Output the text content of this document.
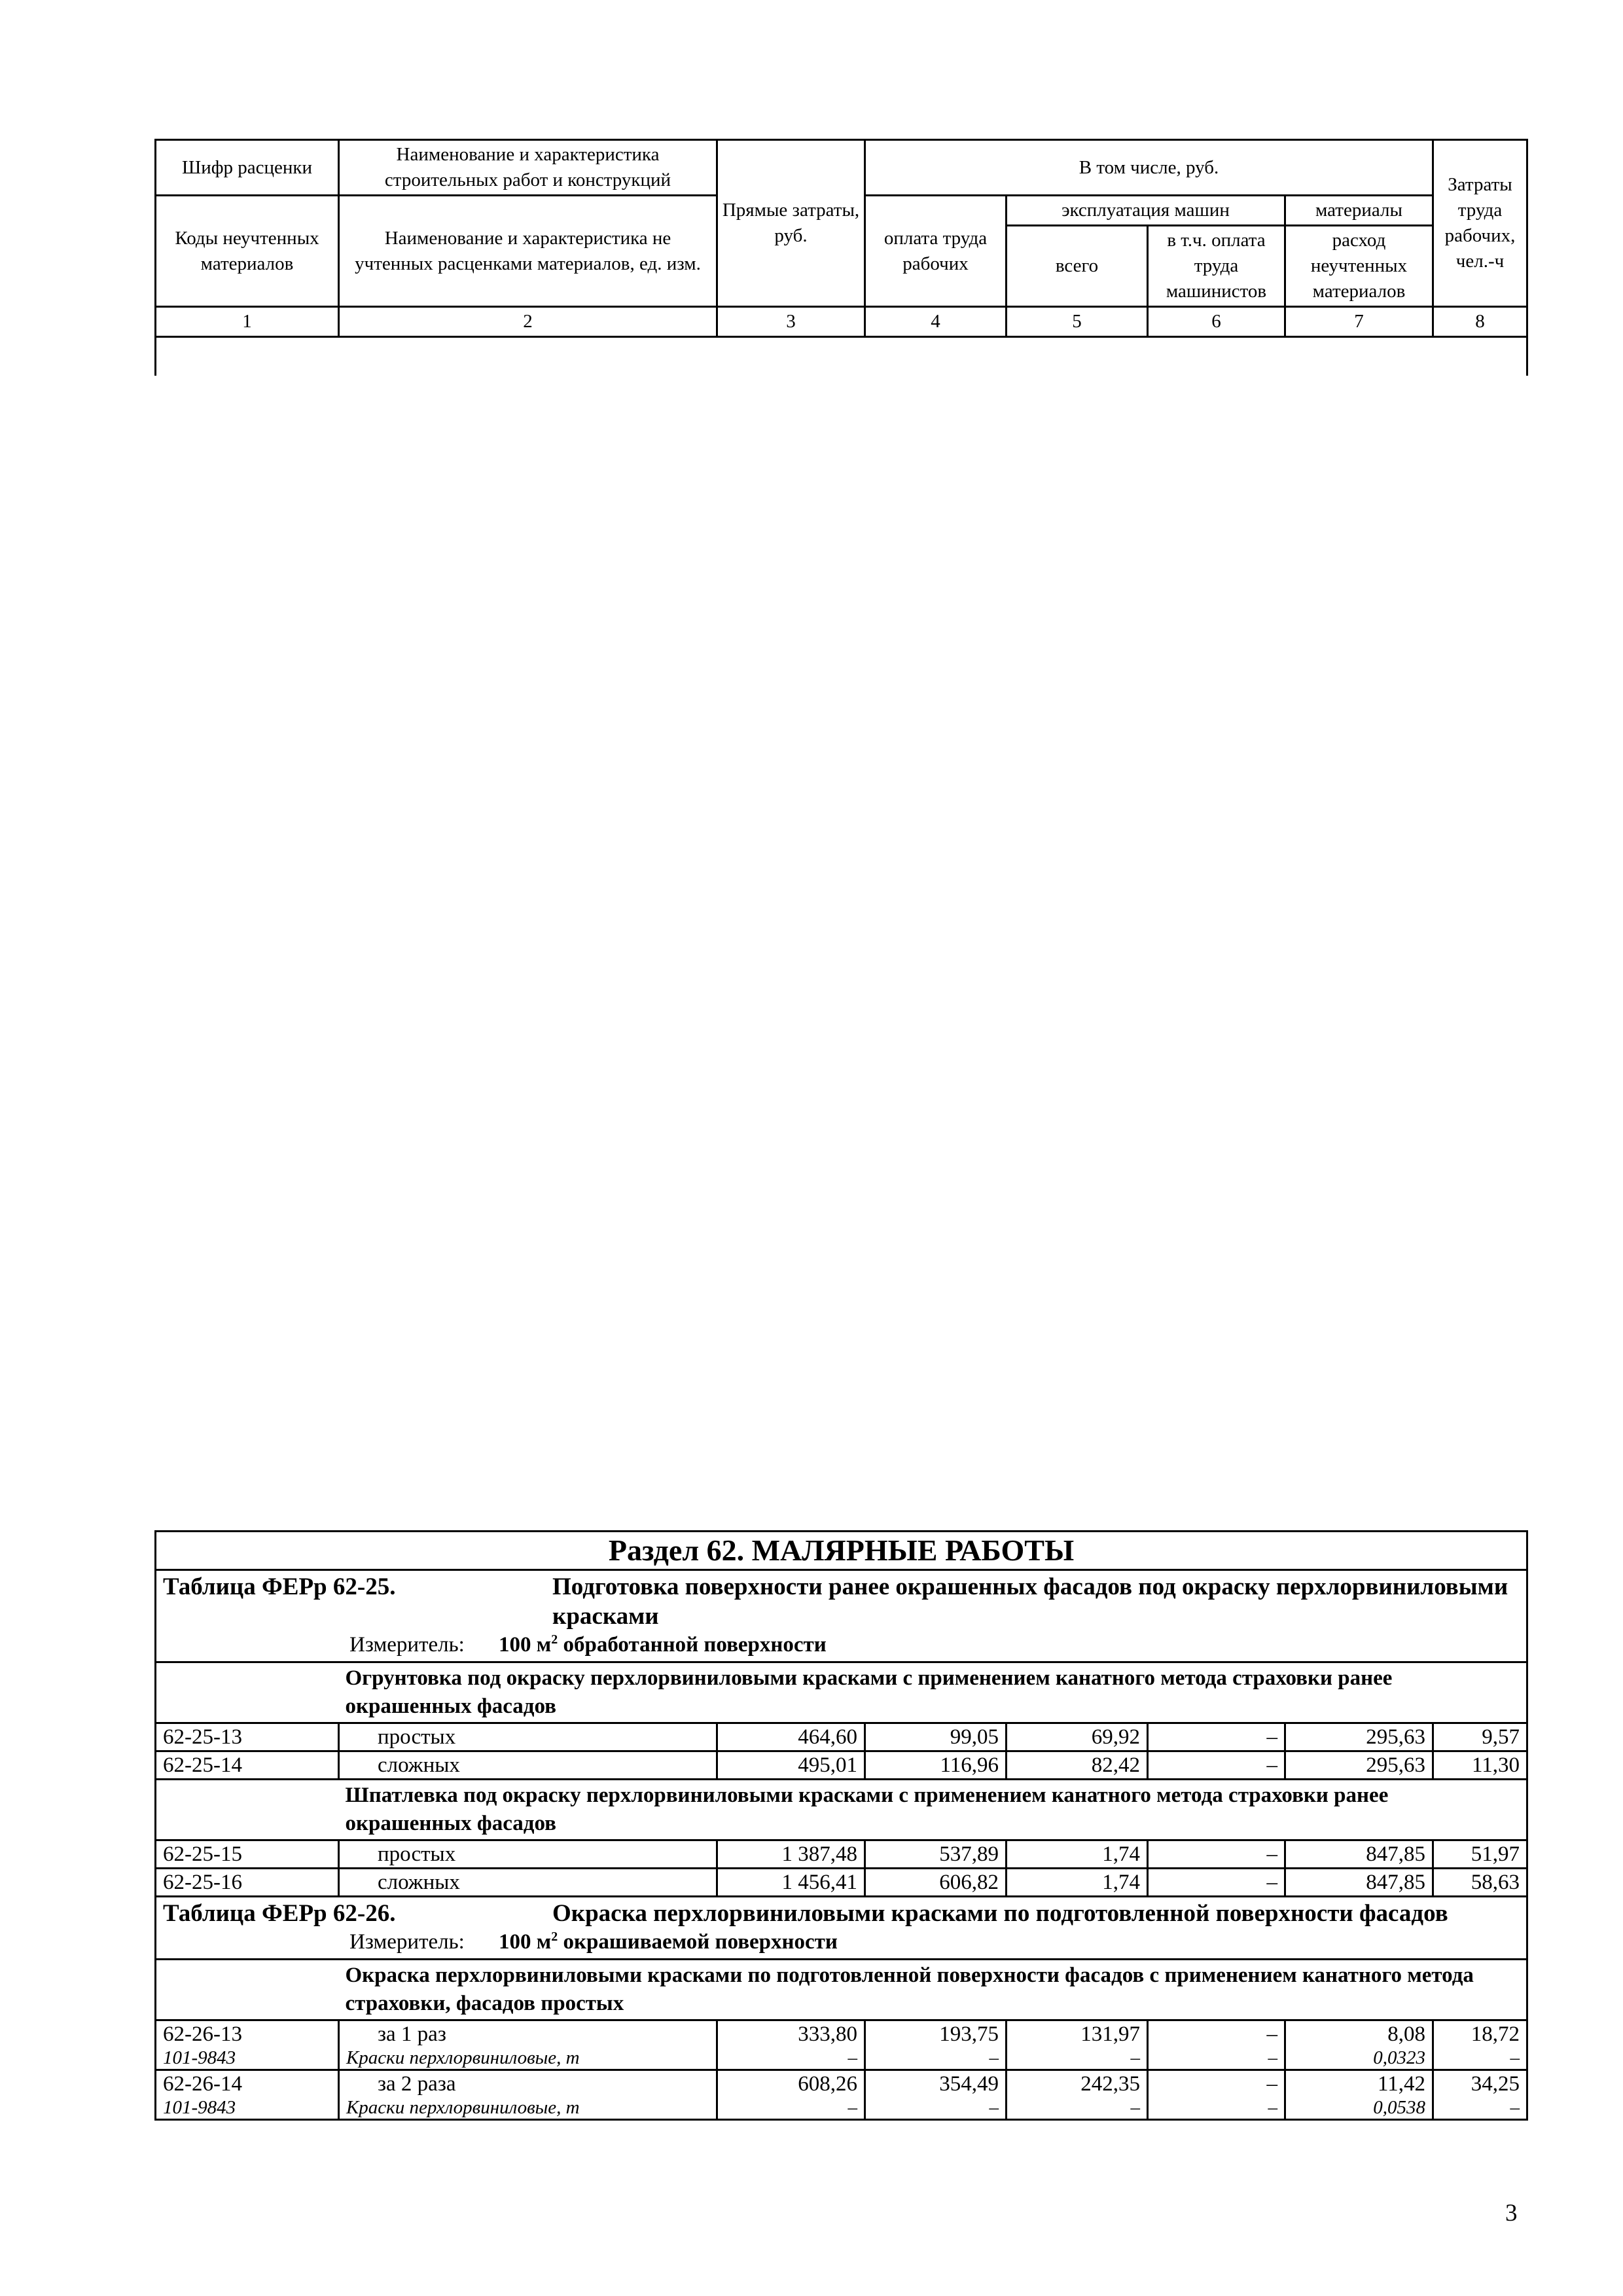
Шифр расценки	Наименование и характеристика строительных работ и конструкций	Прямые затраты, руб.	В том числе, руб.				Затраты труда рабочих, чел.-ч
Коды неучтенных материалов	Наименование и характеристика не учтенных расценками материалов, ед. изм.		оплата труда рабочих	эксплуатация машин		материалы	
				всего	в т.ч. оплата труда машинистов	расход неучтенных материалов	
1	2	3	4	5	6	7	8

Раздел 62. МАЛЯРНЫЕ РАБОТЫ							

Таблица ФЕРр 62-25. Подготовка поверхности ранее окрашенных фасадов под окраску перхлорвиниловыми красками
Измеритель: 100 $м^2$ обработанной поверхности							

	Огрунтовка под окраску перхлорвиниловыми красками с применением канатного метода страховки ранее окрашенных фасадов						
62-25-13	простых	464,60	99,05	69,92	–	295,63	9,57
62-25-14	сложных	495,01	116,96	82,42	–	295,63	11,30
	Шпатлевка под окраску перхлорвиниловыми красками с применением канатного метода страховки ранее окрашенных фасадов						
62-25-15	простых	1 387,48	537,89	1,74	–	847,85	51,97
62-25-16	сложных	1 456,41	606,82	1,74	–	847,85	58,63

Таблица ФЕРр 62-26. Окраска перхлорвиниловыми красками по подготовленной поверхности фасадов
Измеритель: 100 $м^2$ окрашиваемой поверхности							

	Окраска перхлорвиниловыми красками по подготовленной поверхности фасадов с применением канатного метода страховки, фасадов простых						
62-26-13	за 1 раз	333,80	193,75	131,97	–	8,08	18,72
101-9843	Краски перхлорвиниловые, т	–	–	–	–	0,0323	–
62-26-14	за 2 раза	608,26	354,49	242,35	–	11,42	34,25
101-9843	Краски перхлорвиниловые, т	–	–	–	–	0,0538	–
3
